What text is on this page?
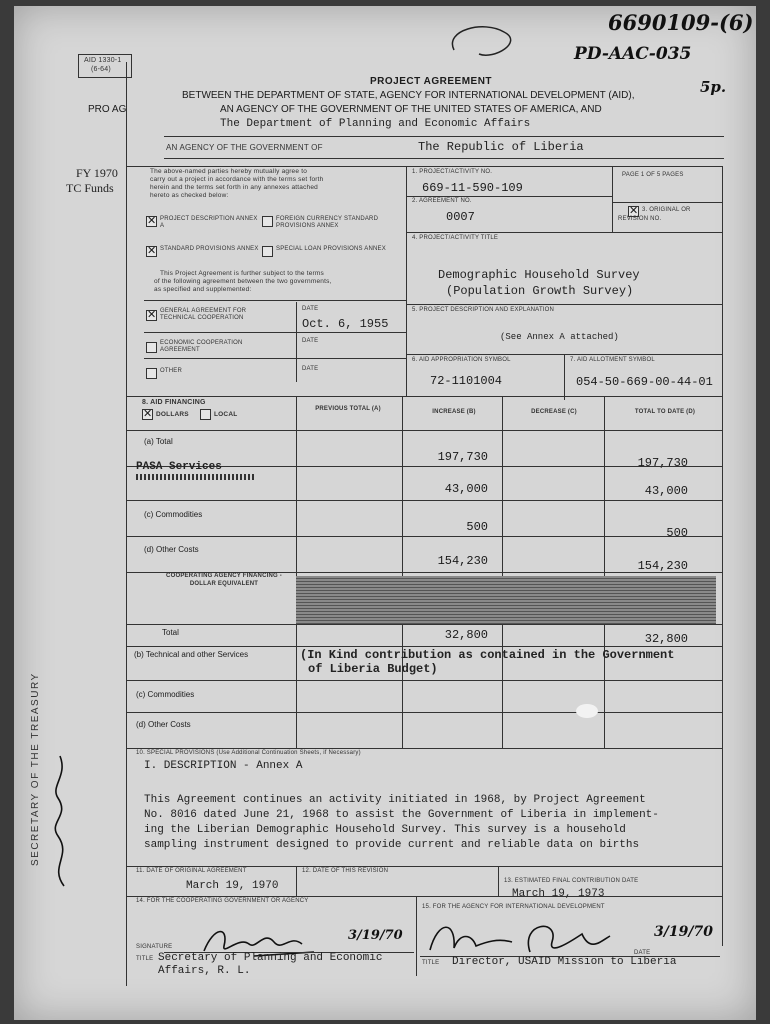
6690109-(6)
PD-AAC-035
5p.
AID 1330-1
(6-64)
PRO AG
FY 1970
TC Funds
PROJECT AGREEMENT
BETWEEN THE DEPARTMENT OF STATE, AGENCY FOR INTERNATIONAL DEVELOPMENT (AID),
AN AGENCY OF THE GOVERNMENT OF THE UNITED STATES OF AMERICA, AND
The Department of Planning and Economic Affairs
AN AGENCY OF THE GOVERNMENT OF	The Republic of Liberia
The above-named parties hereby mutually agree to
carry out a project in accordance with the terms set forth
herein and the terms set forth in any annexes attached
hereto as checked below:
✕
PROJECT DESCRIPTION ANNEX A
FOREIGN CURRENCY STANDARD PROVISIONS ANNEX
✕
STANDARD PROVISIONS ANNEX	SPECIAL LOAN PROVISIONS ANNEX
This Project Agreement is further subject to the terms
of the following agreement between the two governments,
as specified and supplemented:
✕
GENERAL AGREEMENT FOR TECHNICAL COOPERATION
DATE
Oct. 6, 1955
ECONOMIC COOPERATION AGREEMENT
DATE
OTHER	DATE
1. PROJECT/ACTIVITY NO.
669-11-590-109
PAGE 1 OF 5 PAGES
2. AGREEMENT NO.
0007
✕	3. ORIGINAL OR REVISION NO.
4. PROJECT/ACTIVITY TITLE
Demographic Household Survey
(Population Growth Survey)
5. PROJECT DESCRIPTION AND EXPLANATION
(See Annex A attached)
6. AID APPROPRIATION SYMBOL
72-1101004
7. AID ALLOTMENT SYMBOL
054-50-669-00-44-01
8. AID FINANCING
✕
DOLLARS	LOCAL
PREVIOUS TOTAL (A)	INCREASE (B)	DECREASE (C)	TOTAL TO DATE (D)
(a) Total
197,730	197,730
PASA Services
43,000	43,000
(c) Commodities
500	500
(d) Other Costs
154,230	154,230
COOPERATING AGENCY FINANCING - DOLLAR EQUIVALENT
Total	32,800	32,800
(b) Technical and other Services	(In Kind contribution as contained in the Government
of Liberia Budget)
(c) Commodities
(d) Other Costs
10. SPECIAL PROVISIONS (Use Additional Continuation Sheets, if Necessary)
I. DESCRIPTION - Annex A
This Agreement continues an activity initiated in 1968, by Project Agreement
No. 8016 dated June 21, 1968 to assist the Government of Liberia in implement-
ing the Liberian Demographic Household Survey. This survey is a household
sampling instrument designed to provide current and reliable data on births
11. DATE OF ORIGINAL AGREEMENT
March 19, 1970
12. DATE OF THIS REVISION
13. ESTIMATED FINAL CONTRIBUTION DATE
March 19, 1973
14. FOR THE COOPERATING GOVERNMENT OR AGENCY
15. FOR THE AGENCY FOR INTERNATIONAL DEVELOPMENT
3/19/70
SIGNATURE
TITLE Secretary of Planning and Economic Affairs, R. L.
3/19/70
DATE
TITLE Director, USAID Mission to Liberia
SECRETARY OF THE TREASURY
